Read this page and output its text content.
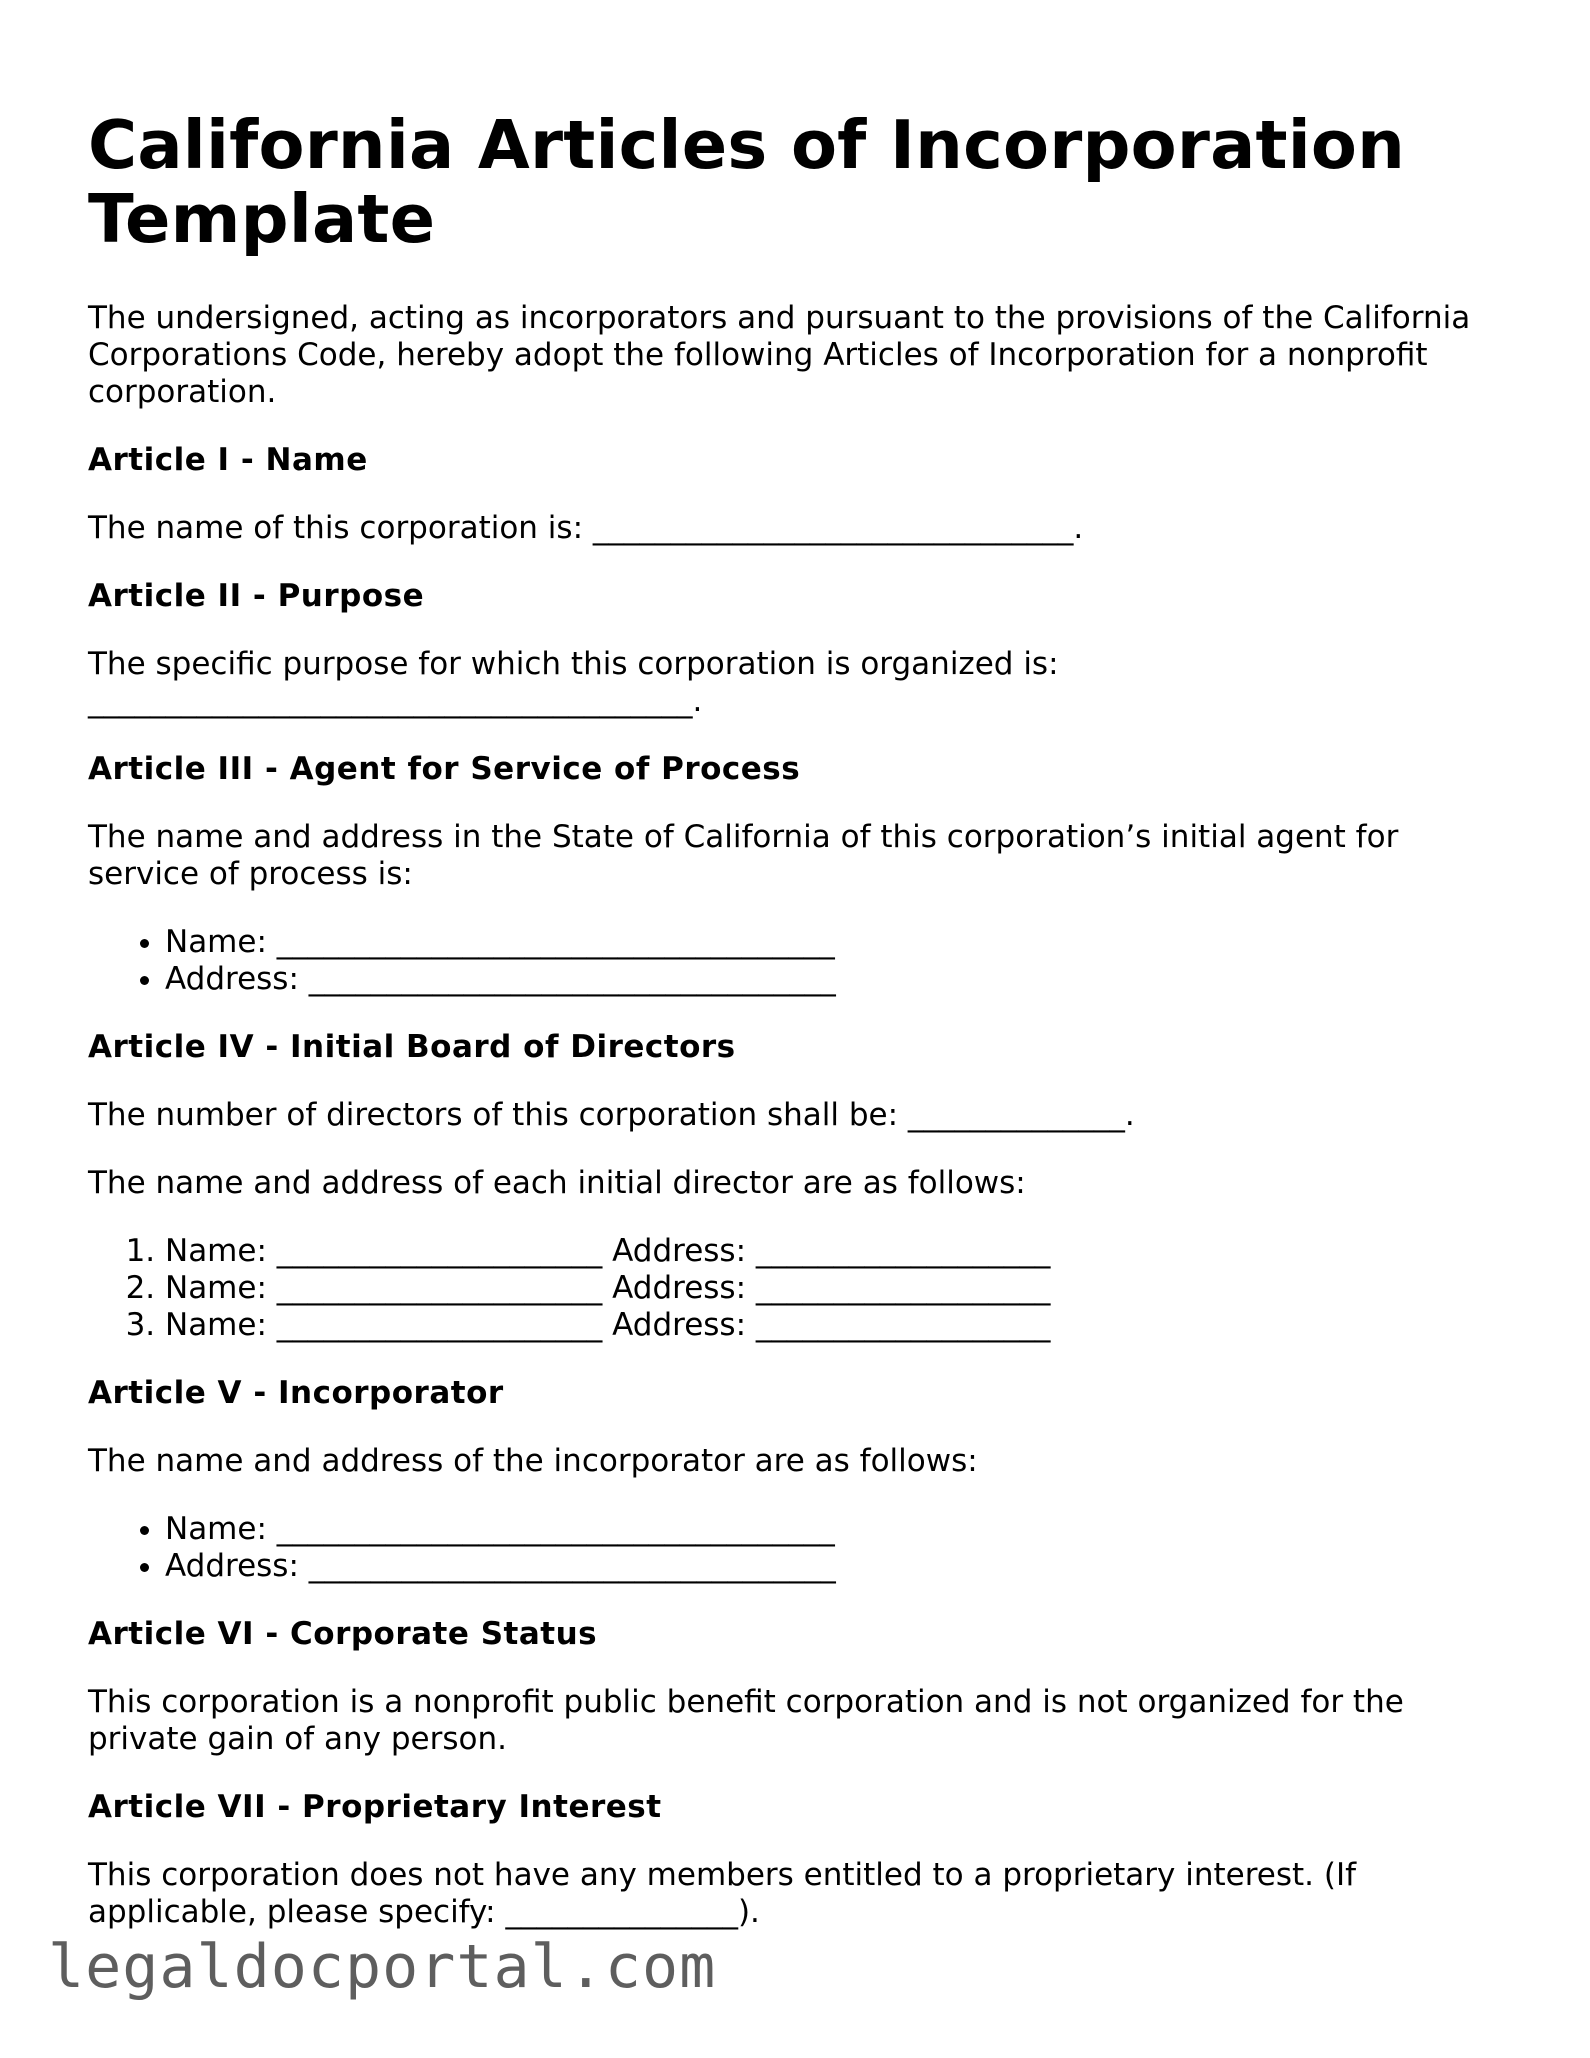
California Articles of Incorporation Template

The undersigned, acting as incorporators and pursuant to the provisions of the California Corporations Code, hereby adopt the following Articles of Incorporation for a nonprofit corporation.

Article I - Name

The name of this corporation is: _______________________________.

Article II - Purpose

The specific purpose for which this corporation is organized is: _______________________________________.

Article III - Agent for Service of Process

The name and address in the State of California of this corporation’s initial agent for service of process is:

• Name: ____________________________________
• Address: __________________________________
Article IV - Initial Board of Directors

The number of directors of this corporation shall be: ______________.

The name and address of each initial director are as follows:

1. Name: _____________________ Address: ___________________
2. Name: _____________________ Address: ___________________
3. Name: _____________________ Address: ___________________
Article V - Incorporator

The name and address of the incorporator are as follows:

• Name: ____________________________________
• Address: __________________________________
Article VI - Corporate Status

This corporation is a nonprofit public benefit corporation and is not organized for the private gain of any person.

Article VII - Proprietary Interest

This corporation does not have any members entitled to a proprietary interest. (If applicable, please specify: _______________).

legaldocportal.com
